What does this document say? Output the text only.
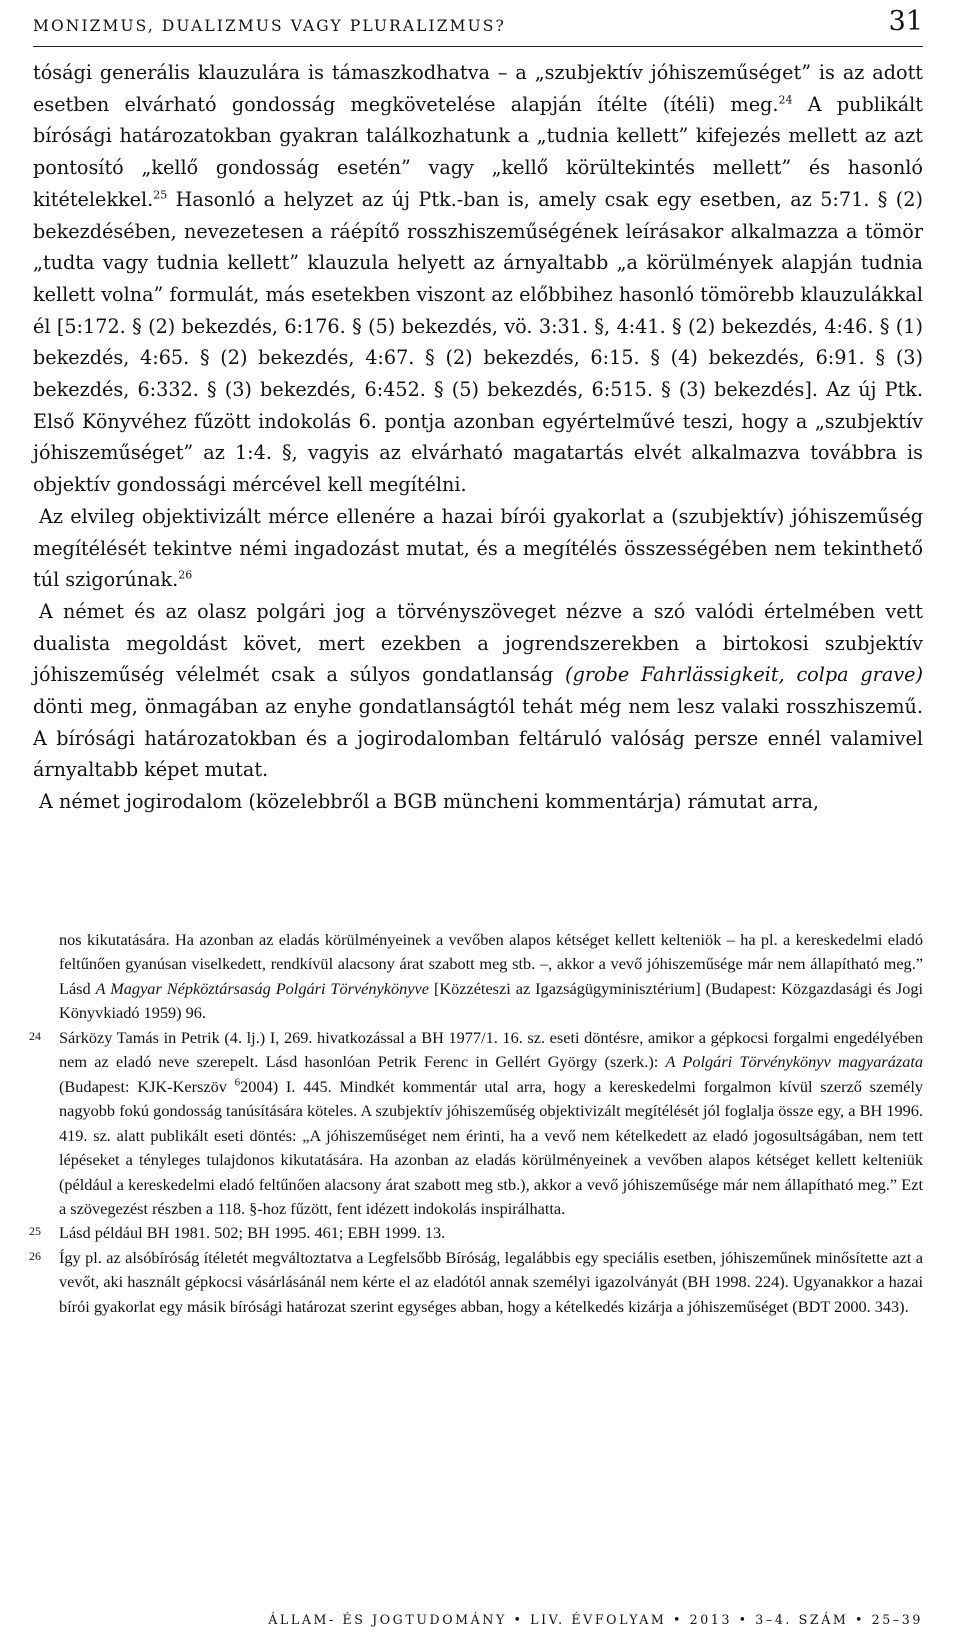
MONIZMUS, DUALIZMUS VAGY PLURALIZMUS?	31

tósági generális klauzulára is támaszkodhatva – a „szubjektív jóhiszeműséget” is az adott esetben elvárható gondosság megkövetelése alapján ítélte (ítéli) meg.$^{24}$ A publikált bírósági határozatokban gyakran találkozhatunk a „tudnia kellett” kifejezés mellett az azt pontosító „kellő gondosság esetén” vagy „kellő körültekintés mellett” és hasonló kitételekkel.$^{25}$ Hasonló a helyzet az új Ptk.-ban is, amely csak egy esetben, az 5:71. § (2) bekezdésében, nevezetesen a ráépítő rosszhiszeműségének leírásakor alkalmazza a tömör „tudta vagy tudnia kellett” klauzula helyett az árnyaltabb „a körülmények alapján tudnia kellett volna” formulát, más esetekben viszont az előbbihez hasonló tömörebb klauzulákkal él [5:172. § (2) bekezdés, 6:176. § (5) bekezdés, vö. 3:31. §, 4:41. § (2) bekezdés, 4:46. § (1) bekezdés, 4:65. § (2) bekezdés, 4:67. § (2) bekezdés, 6:15. § (4) bekezdés, 6:91. § (3) bekezdés, 6:332. § (3) bekezdés, 6:452. § (5) bekezdés, 6:515. § (3) bekezdés]. Az új Ptk. Első Könyvéhez fűzött indokolás 6. pontja azonban egyértelművé teszi, hogy a „szubjektív jóhiszeműséget” az 1:4. §, vagyis az elvárható magatartás elvét alkalmazva továbbra is objektív gondossági mércével kell megítélni.

Az elvileg objektivizált mérce ellenére a hazai bírói gyakorlat a (szubjektív) jóhiszeműség megítélését tekintve némi ingadozást mutat, és a megítélés összességében nem tekinthető túl szigorúnak.$^{26}$

A német és az olasz polgári jog a törvényszöveget nézve a szó valódi értelmében vett dualista megoldást követ, mert ezekben a jogrendszerekben a birtokosi szubjektív jóhiszeműség vélelmét csak a súlyos gondatlanság (grobe Fahrlässigkeit, colpa grave) dönti meg, önmagában az enyhe gondatlanságtól tehát még nem lesz valaki rosszhiszemű. A bírósági határozatokban és a jogirodalomban feltáruló valóság persze ennél valamivel árnyaltabb képet mutat.

A német jogirodalom (közelebbről a BGB müncheni kommentárja) rámutat arra,

nos kikutatására. Ha azonban az eladás körülményeinek a vevőben alapos kétséget kellett kelteniök – ha pl. a kereskedelmi eladó feltűnően gyanúsan viselkedett, rendkívül alacsony árat szabott meg stb. –, akkor a vevő jóhiszeműsége már nem állapítható meg.” Lásd A Magyar Népköztársaság Polgári Törvénykönyve [Közzéteszi az Igazságügyminisztérium] (Budapest: Közgazdasági és Jogi Könyvkiadó 1959) 96.

24 Sárközy Tamás in Petrik (4. lj.) I, 269. hivatkozással a BH 1977/1. 16. sz. eseti döntésre, amikor a gépkocsi forgalmi engedélyében nem az eladó neve szerepelt. Lásd hasonlóan Petrik Ferenc in Gellért György (szerk.): A Polgári Törvénykönyv magyarázata (Budapest: KJK-Kerszöv $^6$2004) I. 445. Mindkét kommentár utal arra, hogy a kereskedelmi forgalmon kívül szerző személy nagyobb fokú gondosság tanúsítására köteles. A szubjektív jóhiszeműség objektivizált megítélését jól foglalja össze egy, a BH 1996. 419. sz. alatt publikált eseti döntés: „A jóhiszeműséget nem érinti, ha a vevő nem kételkedett az eladó jogosultságában, nem tett lépéseket a tényleges tulajdonos kikutatására. Ha azonban az eladás körülményeinek a vevőben alapos kétséget kellett kelteniük (például a kereskedelmi eladó feltűnően alacsony árat szabott meg stb.), akkor a vevő jóhiszeműsége már nem állapítható meg.” Ezt a szövegezést részben a 118. §-hoz fűzött, fent idézett indokolás inspirálhatta.

25 Lásd például BH 1981. 502; BH 1995. 461; EBH 1999. 13.

26 Így pl. az alsóbíróság ítéletét megváltoztatva a Legfelsőbb Bíróság, legalábbis egy speciális esetben, jóhiszeműnek minősítette azt a vevőt, aki használt gépkocsi vásárlásánál nem kérte el az eladótól annak személyi igazolványát (BH 1998. 224). Ugyanakkor a hazai bírói gyakorlat egy másik bírósági határozat szerint egységes abban, hogy a kételkedés kizárja a jóhiszeműséget (BDT 2000. 343).

ÁLLAM- ÉS JOGTUDOMÁNY • LIV. ÉVFOLYAM • 2013 • 3–4. SZÁM • 25–39
